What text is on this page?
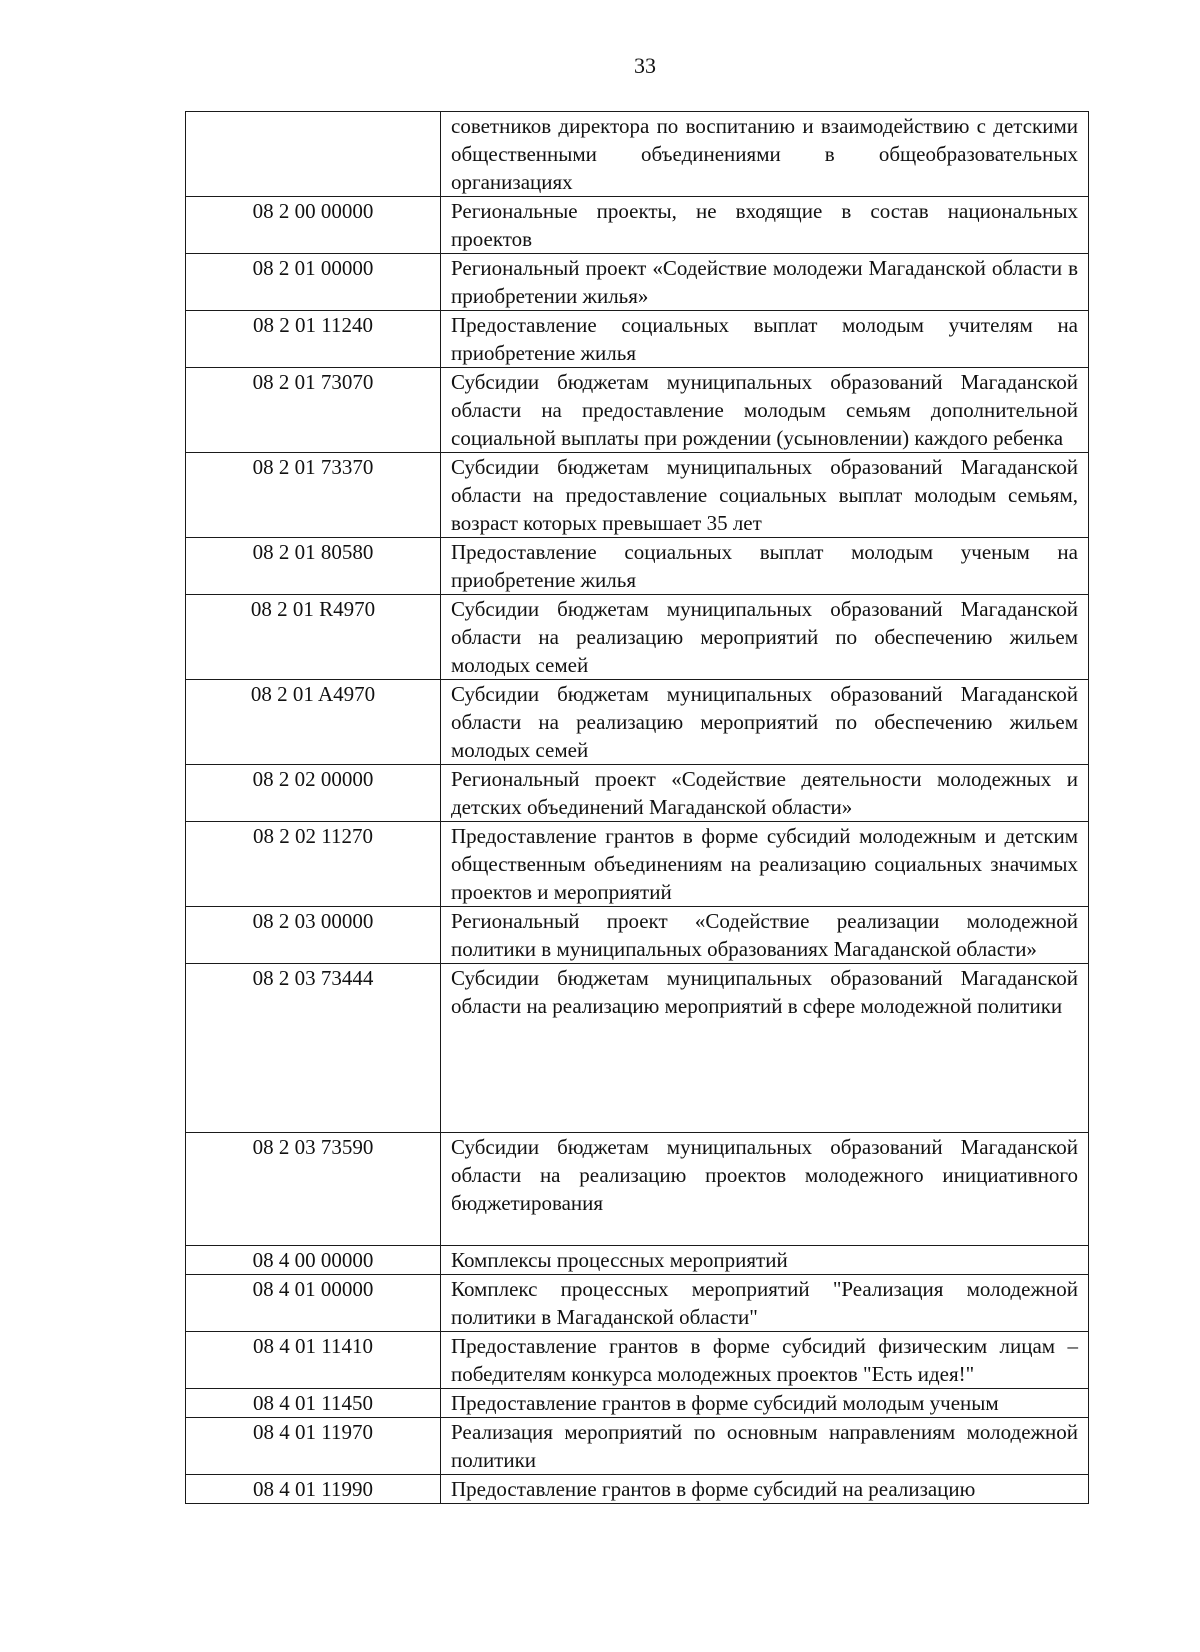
33
	советников директора по воспитанию и взаимодействию с детскими общественными объединениями в общеобразовательных организациях
08 2 00 00000	Региональные проекты, не входящие в состав национальных проектов
08 2 01 00000	Региональный проект «Содействие молодежи Магаданской области в приобретении жилья»
08 2 01 11240	Предоставление социальных выплат молодым учителям на приобретение жилья
08 2 01 73070	Субсидии бюджетам муниципальных образований Магаданской области на предоставление молодым семьям дополнительной социальной выплаты при рождении (усыновлении) каждого ребенка
08 2 01 73370	Субсидии бюджетам муниципальных образований Магаданской области на предоставление социальных выплат молодым семьям, возраст которых превышает 35 лет
08 2 01 80580	Предоставление социальных выплат молодым ученым на приобретение жилья
08 2 01 R4970	Субсидии бюджетам муниципальных образований Магаданской области на реализацию мероприятий по обеспечению жильем молодых семей
08 2 01 A4970	Субсидии бюджетам муниципальных образований Магаданской области на реализацию мероприятий по обеспечению жильем молодых семей
08 2 02 00000	Региональный проект «Содействие деятельности молодежных и детских объединений Магаданской области»
08 2 02 11270	Предоставление грантов в форме субсидий молодежным и детским общественным объединениям на реализацию социальных значимых проектов и мероприятий
08 2 03 00000	Региональный проект «Содействие реализации молодежной политики в муниципальных образованиях Магаданской области»
08 2 03 73444	Субсидии бюджетам муниципальных образований Магаданской области на реализацию мероприятий в сфере молодежной политики
08 2 03 73590	Субсидии бюджетам муниципальных образований Магаданской области на реализацию проектов молодежного инициативного бюджетирования
08 4 00 00000	Комплексы процессных мероприятий
08 4 01 00000	Комплекс процессных мероприятий "Реализация молодежной политики в Магаданской области"
08 4 01 11410	Предоставление грантов в форме субсидий физическим лицам – победителям конкурса молодежных проектов "Есть идея!"
08 4 01 11450	Предоставление грантов в форме субсидий молодым ученым
08 4 01 11970	Реализация мероприятий по основным направлениям молодежной политики
08 4 01 11990	Предоставление грантов в форме субсидий на реализацию
